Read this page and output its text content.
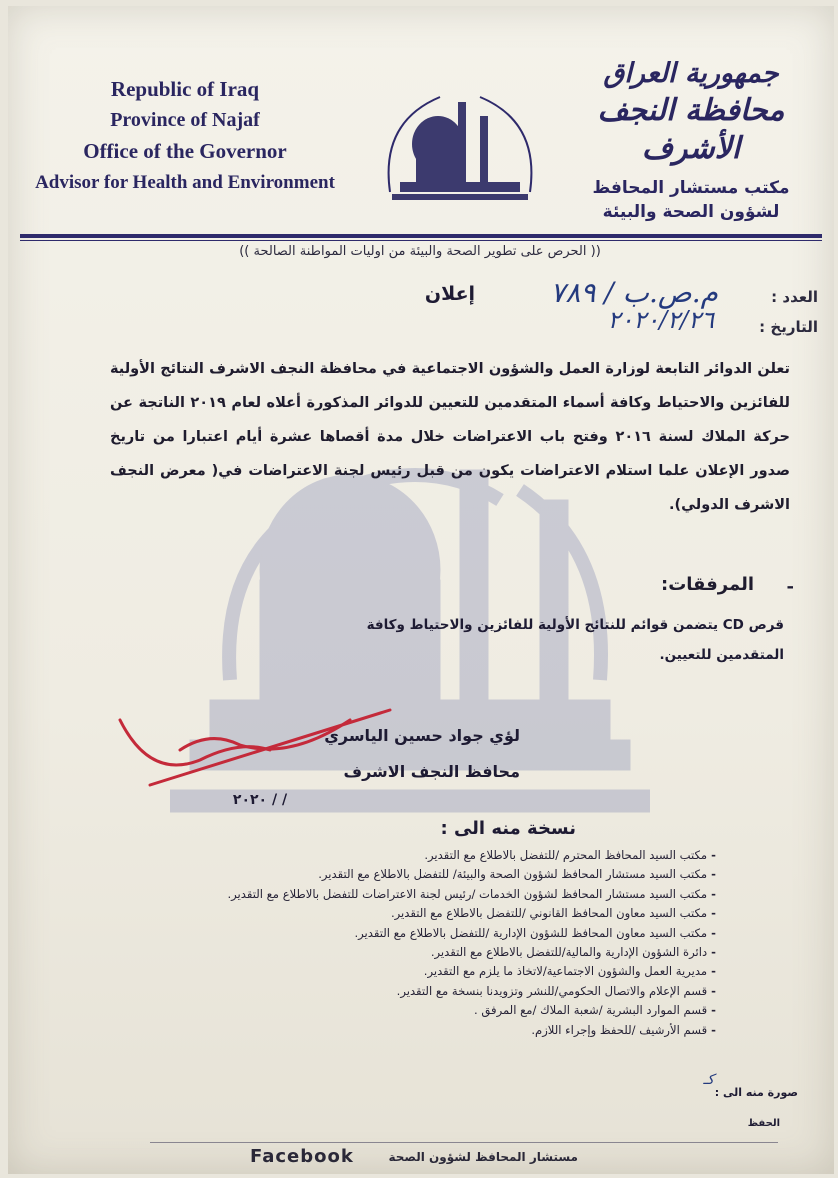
Republic of Iraq
Province of Najaf
Office of the Governor
Advisor for Health and Environment
جمهورية العراق
محافظة النجف الأشرف
مكتب مستشار المحافظ
لشؤون الصحة والبيئة
(( الحرص على تطوير الصحة والبيئة من اوليات المواطنة الصالحة ))
العدد :
التاريخ :
م.ص.ب / ٧٨٩
٢٠٢٠/٢/٢٦
إعلان
تعلن الدوائر التابعة لوزارة العمل والشؤون الاجتماعية في محافظة النجف الاشرف النتائج الأولية للفائزين والاحتياط وكافة أسماء المتقدمين للتعيين للدوائر المذكورة أعلاه لعام ٢٠١٩ الناتجة عن حركة الملاك لسنة ٢٠١٦ وفتح باب الاعتراضات خلال مدة أقصاها عشرة أيام اعتبارا من تاريخ صدور الإعلان علما استلام الاعتراضات يكون من قبل رئيس لجنة الاعتراضات في( معرض النجف الاشرف الدولي).
-
المرفقات:
قرص CD يتضمن قوائم للنتائج الأولية للفائزين والاحتياط وكافة المتقدمين للتعيين.
لؤي جواد حسين الياسري
محافظ النجف الاشرف
/ / ٢٠٢٠
نسخة منه الى :
- مكتب السيد المحافظ المحترم /للتفضل بالاطلاع مع التقدير.
- مكتب السيد مستشار المحافظ لشؤون الصحة والبيئة/ للتفضل بالاطلاع مع التقدير.
- مكتب السيد مستشار المحافظ لشؤون الخدمات /رئيس لجنة الاعتراضات للتفضل بالاطلاع مع التقدير.
- مكتب السيد معاون المحافظ القانوني /للتفضل بالاطلاع مع التقدير.
- مكتب السيد معاون المحافظ للشؤون الإدارية /للتفضل بالاطلاع مع التقدير.
- دائرة الشؤون الإدارية والمالية/للتفضل بالاطلاع مع التقدير.
- مديرية العمل والشؤون الاجتماعية/لاتخاذ ما يلزم مع التقدير.
- قسم الإعلام والاتصال الحكومي/للنشر وتزويدنا بنسخة مع التقدير.
- قسم الموارد البشرية /شعبة الملاك /مع المرفق .
- قسم الأرشيف /للحفظ وإجراء اللازم.
كـ
صورة منه الى :
الحفظ
Facebook	مستشار المحافظ لشؤون الصحة
